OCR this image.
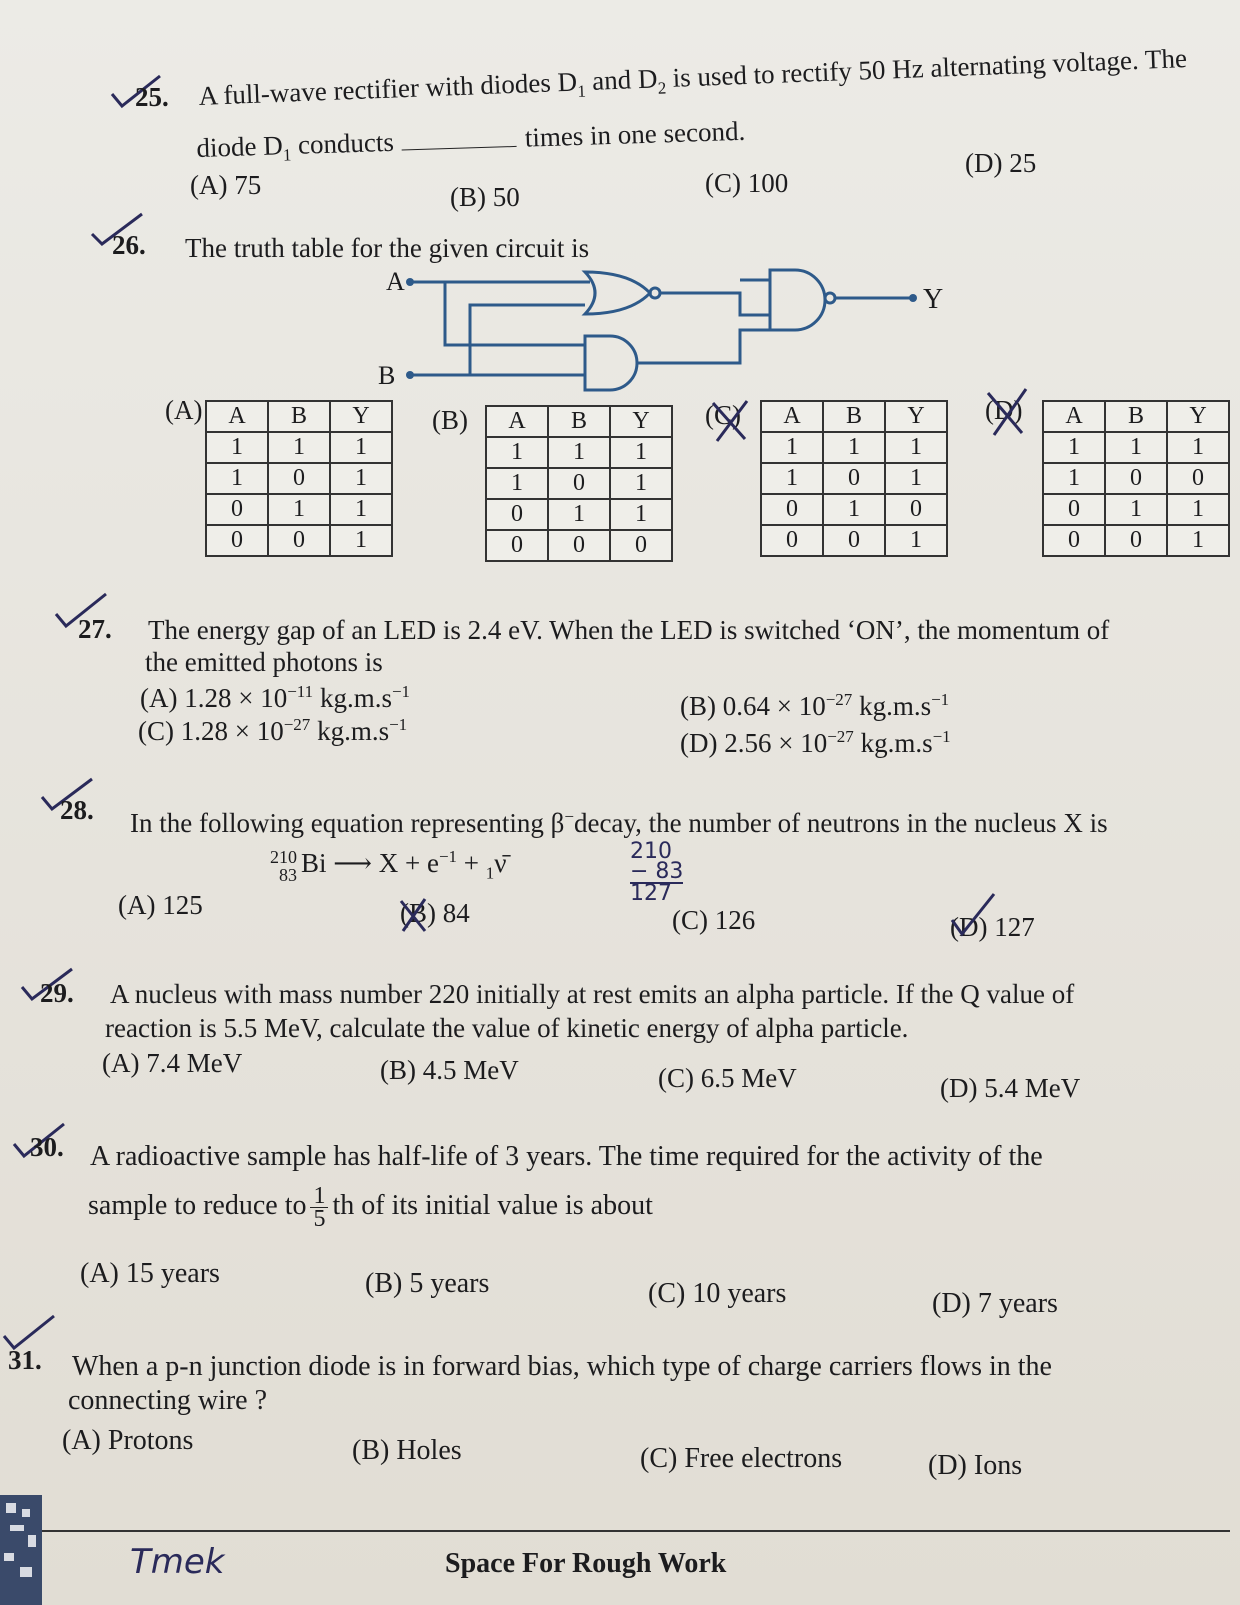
25. A full-wave rectifier with diodes $D_1$ and $D_2$ is used to rectify 50 Hz alternating voltage. The
diode $D_1$ conducts	times in one second.
(A) 75	(B) 50	(C) 100
(D) 25
26. The truth table for the given circuit is
A
B
Y
(A) A	B	Y
1	1	1
1	0	1
0	1	1
0	0	1
(B) A	B	Y
1	1	1
1	0	1
0	1	1
0	0	0
(C) A	B	Y
1	1	1
1	0	1
0	1	0
0	0	1
(D) A	B	Y
1	1	1
1	0	0
0	1	1
0	0	1
27. The energy gap of an LED is 2.4 eV. When the LED is switched ‘ON’, the momentum of
the emitted photons is
(A) $1.28 \times 10^{-11}$ $kg.m.s^{-1}$
(C) $1.28 \times 10^{-27}$ $kg.m.s^{-1}$
(B) $0.64 \times 10^{-27}$ $kg.m.s^{-1}$
(D) $2.56 \times 10^{-27}$ $kg.m.s^{-1}$
28. In the following equation representing β−decay, the number of neutrons in the nucleus X is
210
83 Bi ⟶ $X + e^{-1}$ + $_1$ν̄	210
− 83
127
(A) 125	(B) 84	(C) 126	(D) 127
29. A nucleus with mass number 220 initially at rest emits an alpha particle. If the Q value of
reaction is 5.5 MeV, calculate the value of kinetic energy of alpha particle.
(A) 7.4 MeV	(B) 4.5 MeV	(C) 6.5 MeV	(D) 5.4 MeV
30. A radioactive sample has half-life of 3 years. The time required for the activity of the
sample to reduce to $\frac{1}{5}$ th of its initial value is about
(A) 15 years	(B) 5 years	(C) 10 years	(D) 7 years
31. When a p-n junction diode is in forward bias, which type of charge carriers flows in the
connecting wire ?
(A) Protons	(B) Holes	(C) Free electrons	(D) Ions
Space For Rough Work
Tmek
